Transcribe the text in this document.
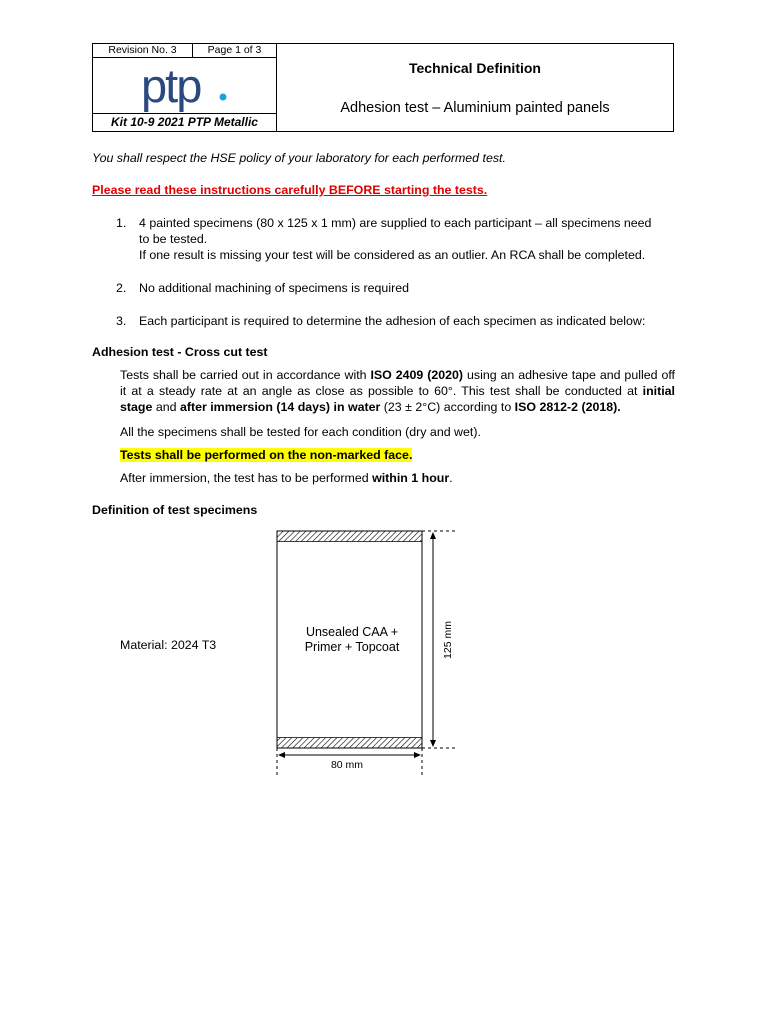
Revision No. 3	Page 1 of 3
ptp
Kit 10-9 2021 PTP Metallic
Technical Definition
Adhesion test – Aluminium painted panels
You shall respect the HSE policy of your laboratory for each performed test.
Please read these instructions carefully BEFORE starting the tests.
1. 4 painted specimens (80 x 125 x 1 mm) are supplied to each participant – all specimens need
to be tested.
If one result is missing your test will be considered as an outlier. An RCA shall be completed.
2. No additional machining of specimens is required
3. Each participant is required to determine the adhesion of each specimen as indicated below:
Adhesion test - Cross cut test
Tests shall be carried out in accordance with ISO 2409 (2020) using an adhesive tape and pulled off it at a steady rate at an angle as close as possible to 60°. This test shall be conducted at initial stage and after immersion (14 days) in water (23 ± 2°C) according to ISO 2812-2 (2018).
All the specimens shall be tested for each condition (dry and wet).
Tests shall be performed on the non-marked face.
After immersion, the test has to be performed within 1 hour.
Definition of test specimens
Material: 2024 T3
Unsealed CAA +
Primer + Topcoat	125 mm
80 mm
